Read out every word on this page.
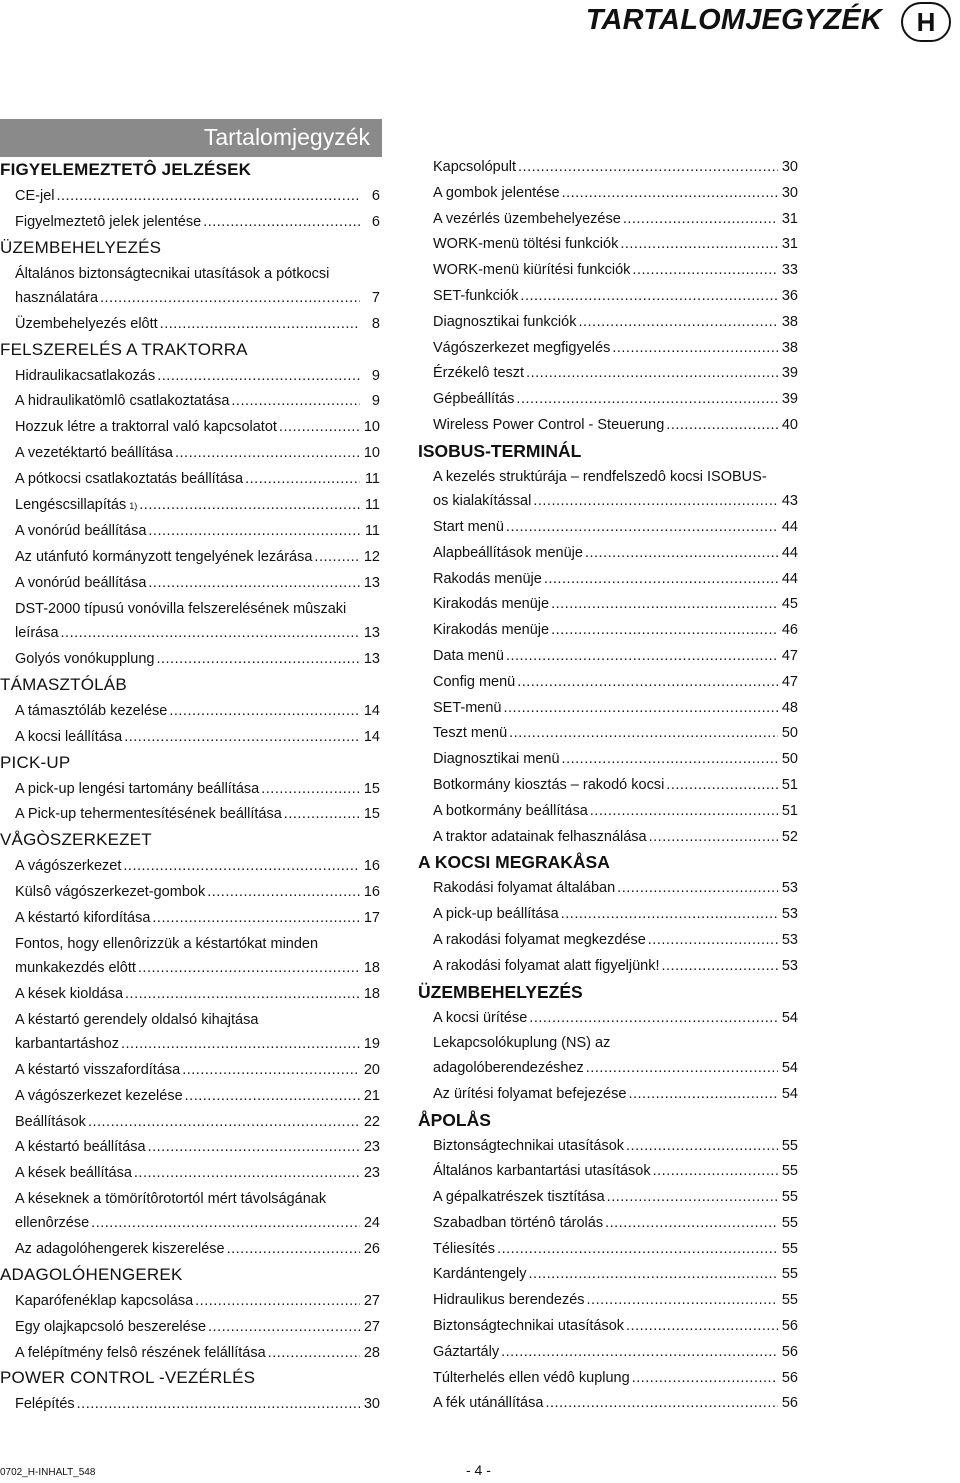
TARTALOMJEGYZÉK	H
Tartalomjegyzék
FIGYELEMEZTETÔ JELZÉSEK
CE-jel .....	6
Figyelmeztetô jelek jelentése .....	6
ÜZEMBEHELYEZÉS
Általános biztonságtecnikai utasítások a pótkocsi
használatára .....	7
Üzembehelyezés elôtt .....	8
FELSZERELÉS A TRAKTORRA
Hidraulikacsatlakozás .....	9
A hidraulikatömlô csatlakoztatása .....	9
Hozzuk létre a traktorral való kapcsolatot .....	10
A vezetéktartó beállítása .....	10
A pótkocsi csatlakoztatás beállítása .....	11
Lengéscsillapítás 1) .....	11
A vonórúd beállítása .....	11
Az utánfutó kormányzott tengelyének lezárása .....	12
A vonórúd beállítása .....	13
DST-2000 típusú vonóvilla felszerelésének mûszaki
leírása .....	13
Golyós vonókupplung .....	13
TÁMASZTÓLÁB
A támasztóláb kezelése .....	14
A kocsi leállítása .....	14
PICK-UP
A pick-up lengési tartomány beállítása .....	15
A Pick-up tehermentesítésének beállítása .....	15
VÅGÒSZERKEZET
A vágószerkezet .....	16
Külsô vágószerkezet-gombok .....	16
A késtartó kifordítása .....	17
Fontos, hogy ellenôrizzük a késtartókat minden
munkakezdés elôtt .....	18
A kések kioldása .....	18
A késtartó gerendely oldalsó kihajtása
karbantartáshoz .....	19
A késtartó visszafordítása .....	20
A vágószerkezet kezelése .....	21
Beállítások .....	22
A késtartó beállítása .....	23
A kések beállítása .....	23
A késeknek a tömörítôrotortól mért távolságának
ellenôrzése .....	24
Az adagolóhengerek kiszerelése .....	26
ADAGOLÓHENGEREK
Kaparófenéklap kapcsolása .....	27
Egy olajkapcsoló beszerelése .....	27
A felépítmény felsô részének felállítása .....	28
POWER CONTROL -VEZÉRLÉS
Felépítés .....	30
Kapcsolópult .....	30
A gombok jelentése .....	30
A vezérlés üzembehelyezése .....	31
WORK-menü töltési funkciók .....	31
WORK-menü kiürítési funkciók .....	33
SET-funkciók .....	36
Diagnosztikai funkciók .....	38
Vágószerkezet megfigyelés .....	38
Érzékelô teszt .....	39
Gépbeállítás .....	39
Wireless Power Control - Steuerung .....	40
ISOBUS-TERMINÁL
A kezelés struktúrája – rendfelszedô kocsi ISOBUS-
os kialakítással .....	43
Start menü .....	44
Alapbeállítások menüje .....	44
Rakodás menüje .....	44
Kirakodás menüje .....	45
Kirakodás menüje .....	46
Data menü .....	47
Config menü .....	47
SET-menü .....	48
Teszt menü .....	50
Diagnosztikai menü .....	50
Botkormány kiosztás – rakodó kocsi .....	51
A botkormány beállítása .....	51
A traktor adatainak felhasználása .....	52
A KOCSI MEGRAKÅSA
Rakodási folyamat általában .....	53
A pick-up beállítása .....	53
A rakodási folyamat megkezdése .....	53
A rakodási folyamat alatt figyeljünk! .....	53
ÜZEMBEHELYEZÉS
A kocsi ürítése .....	54
Lekapcsolókuplung (NS) az
adagolóberendezéshez .....	54
Az ürítési folyamat befejezése .....	54
ÅPOLÅS
Biztonságtechnikai utasítások .....	55
Általános karbantartási utasítások .....	55
A gépalkatrészek tisztítása .....	55
Szabadban történô tárolás .....	55
Téliesítés .....	55
Kardántengely .....	55
Hidraulikus berendezés .....	55
Biztonságtechnikai utasítások .....	56
Gáztartály .....	56
Túlterhelés ellen védô kuplung .....	56
A fék utánállítása .....	56
0702_H-INHALT_548	- 4 -
